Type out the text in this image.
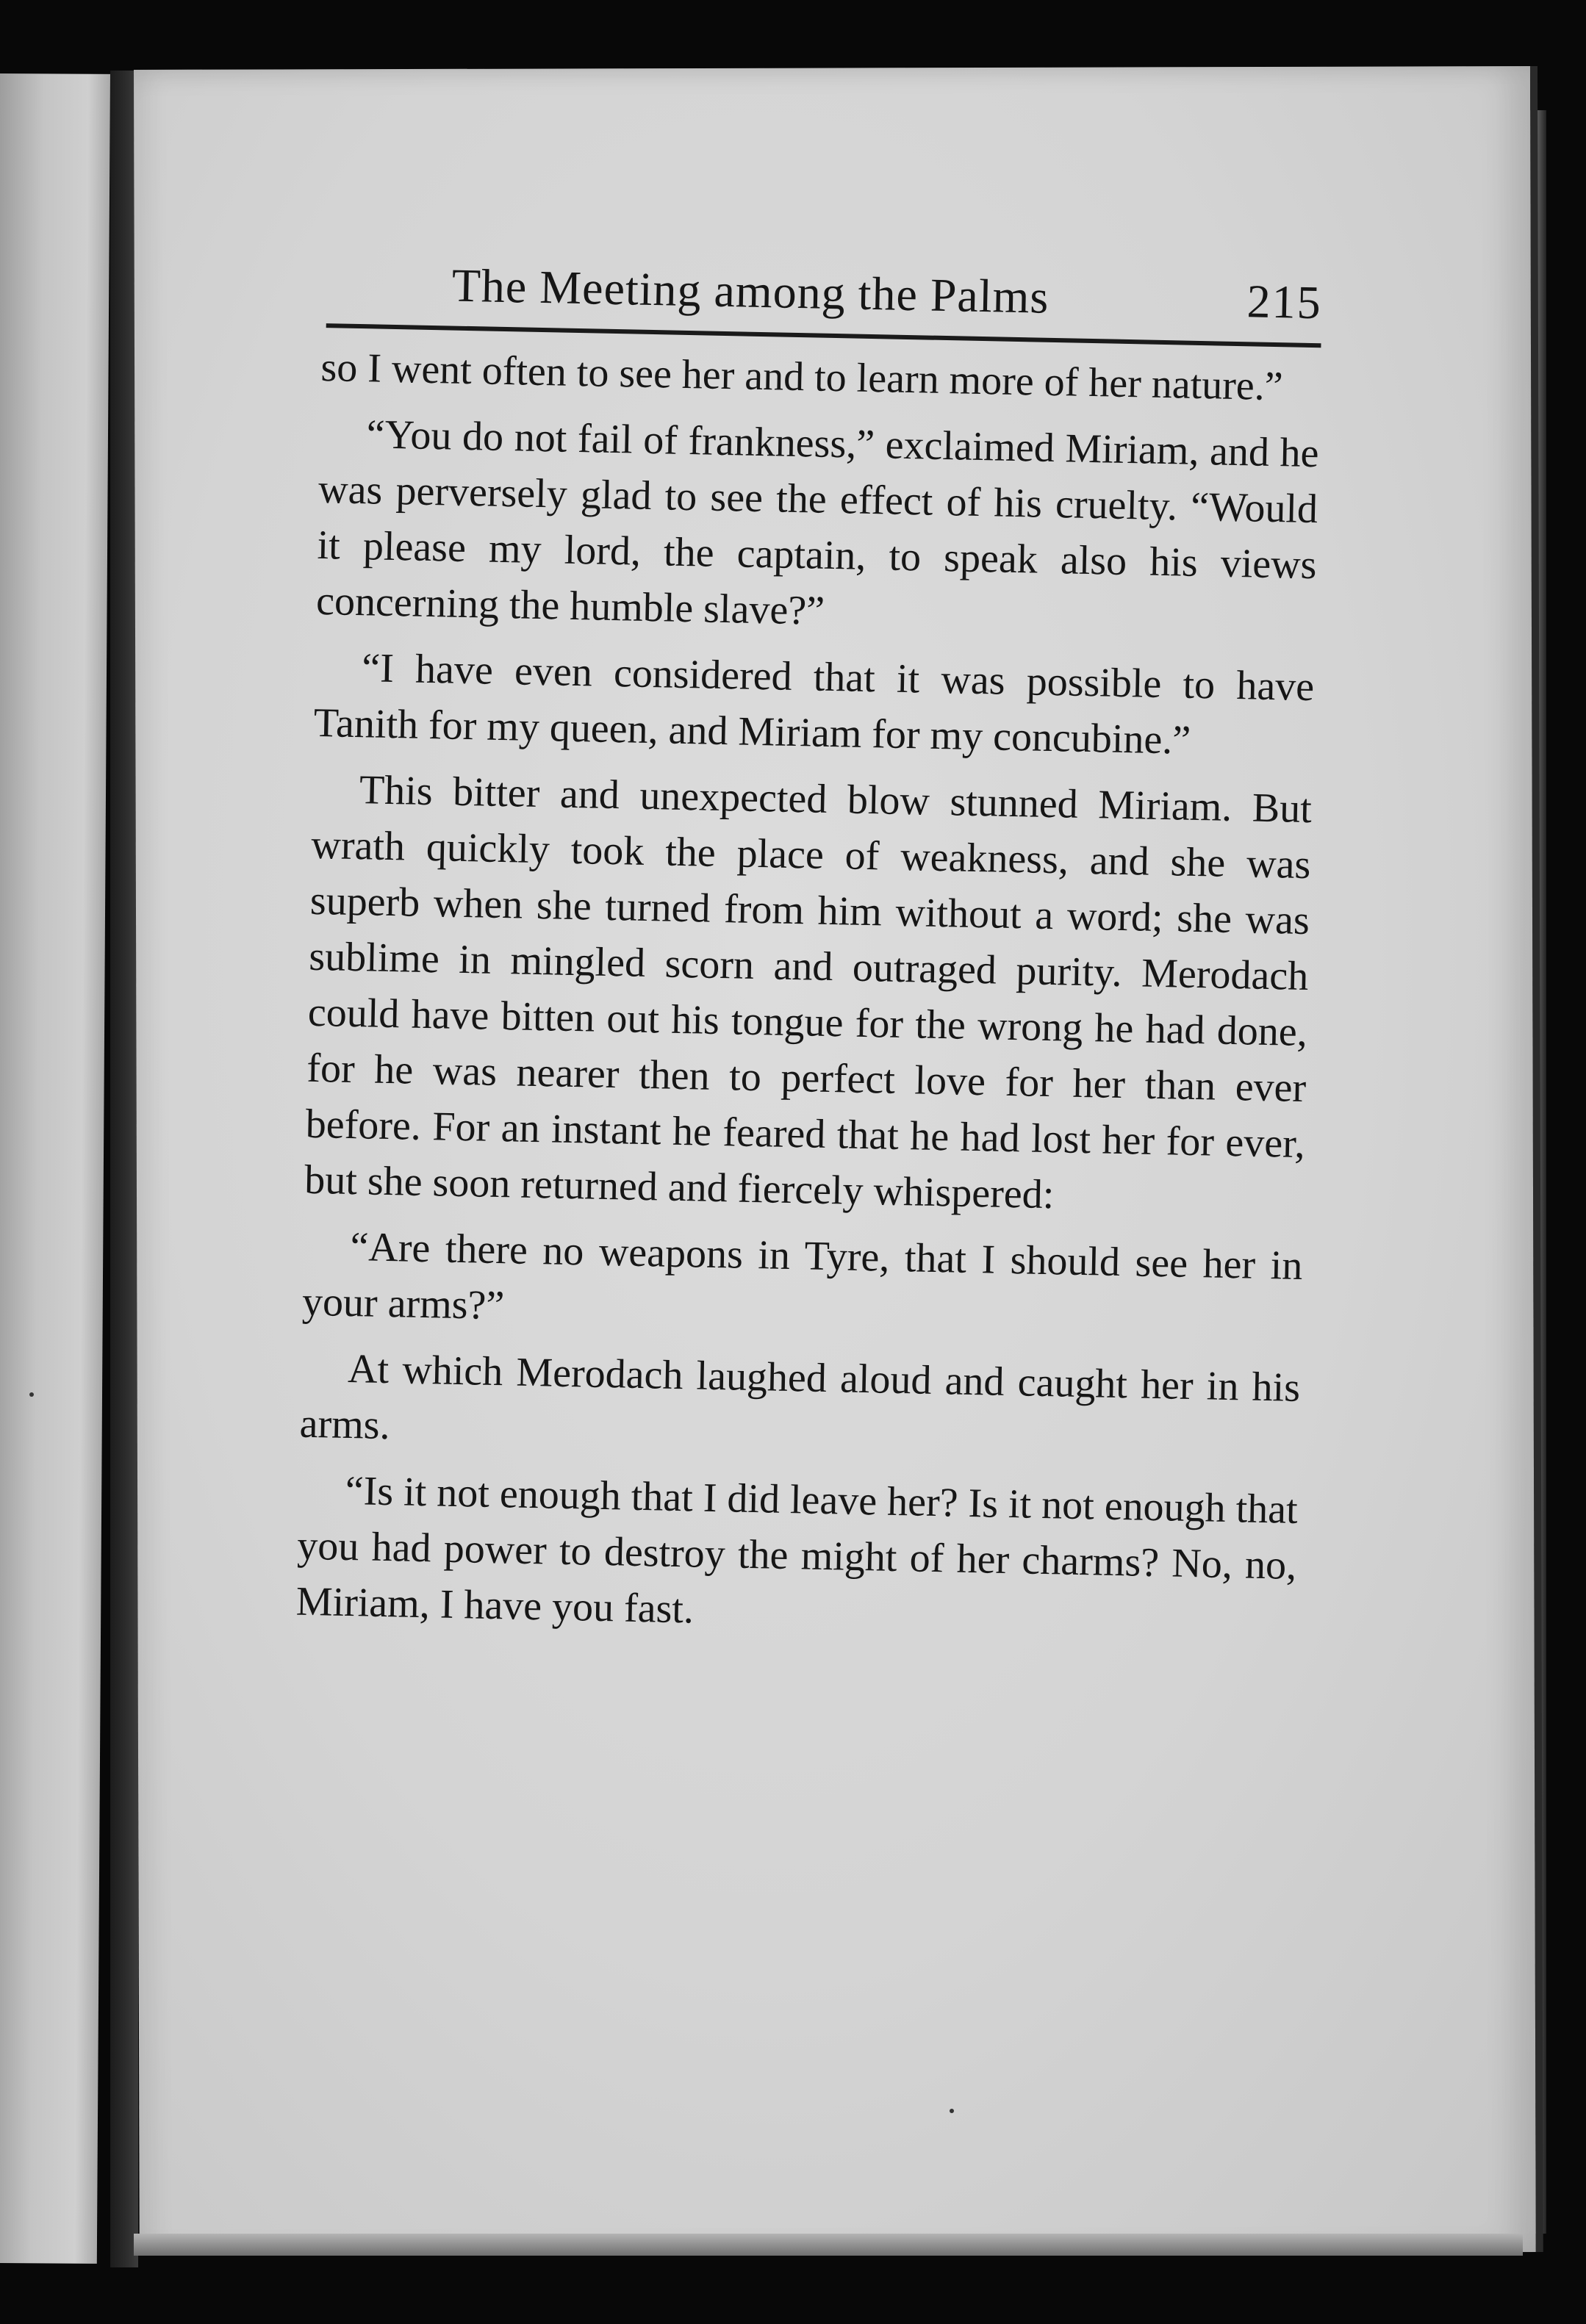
The Meeting among the Palms	215

so I went often to see her and to learn more of her nature.”

“You do not fail of frankness,” exclaimed Miriam, and he was perversely glad to see the effect of his cruelty. “Would it please my lord, the captain, to speak also his views concerning the humble slave?”

“I have even considered that it was possible to have Tanith for my queen, and Miriam for my concubine.”

This bitter and unexpected blow stunned Miriam. But wrath quickly took the place of weakness, and she was superb when she turned from him without a word; she was sublime in mingled scorn and outraged purity. Merodach could have bitten out his tongue for the wrong he had done, for he was nearer then to perfect love for her than ever before. For an instant he feared that he had lost her for ever, but she soon returned and fiercely whispered:

“Are there no weapons in Tyre, that I should see her in your arms?”

At which Merodach laughed aloud and caught her in his arms.

“Is it not enough that I did leave her? Is it not enough that you had power to destroy the might of her charms? No, no, Miriam, I have you fast.
